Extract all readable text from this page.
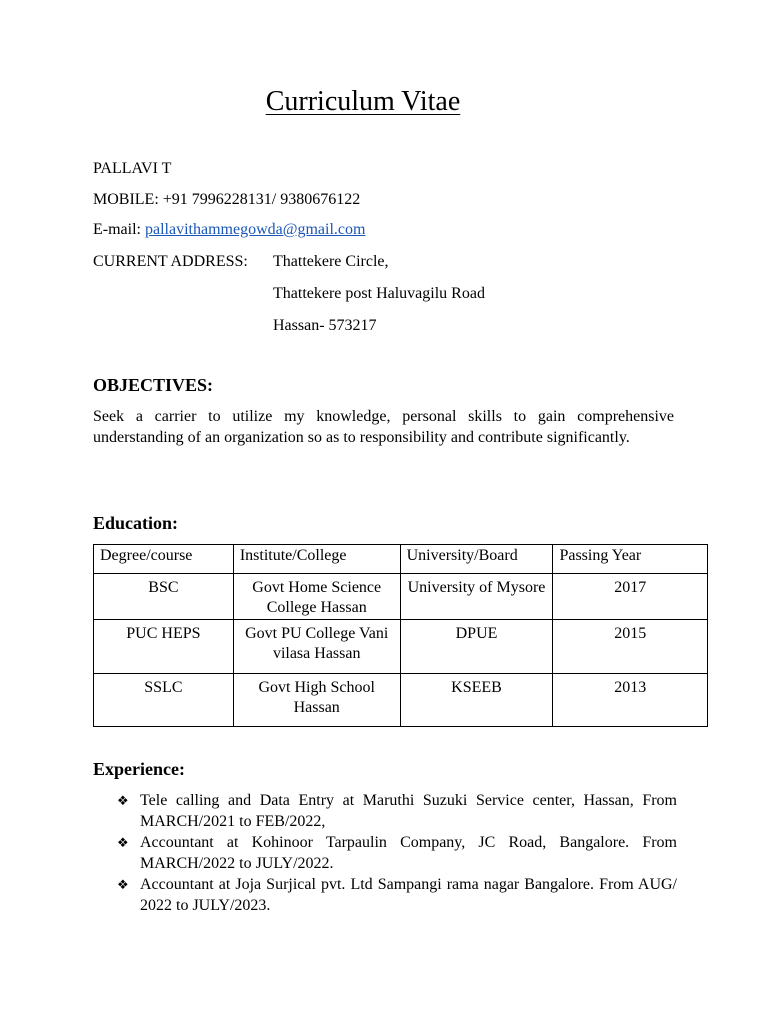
Curriculum Vitae
PALLAVI T
MOBILE: +91 7996228131/ 9380676122
E-mail: pallavithammegowda@gmail.com
CURRENT ADDRESS: Thattekere Circle,
Thattekere post Haluvagilu Road
Hassan- 573217
OBJECTIVES:
Seek a carrier to utilize my knowledge, personal skills to gain comprehensive understanding of an organization so as to responsibility and contribute significantly.
Education:
Degree/course	Institute/College	University/Board	Passing Year
BSC	Govt Home Science College Hassan	University of Mysore	2017
PUC HEPS	Govt PU College Vani vilasa Hassan	DPUE	2015
SSLC	Govt High School Hassan	KSEEB	2013
Experience:
❖ Tele calling and Data Entry at Maruthi Suzuki Service center, Hassan, From MARCH/2021 to FEB/2022,
❖ Accountant at Kohinoor Tarpaulin Company, JC Road, Bangalore. From MARCH/2022 to JULY/2022.
❖ Accountant at Joja Surjical pvt. Ltd Sampangi rama nagar Bangalore. From AUG/ 2022 to JULY/2023.
